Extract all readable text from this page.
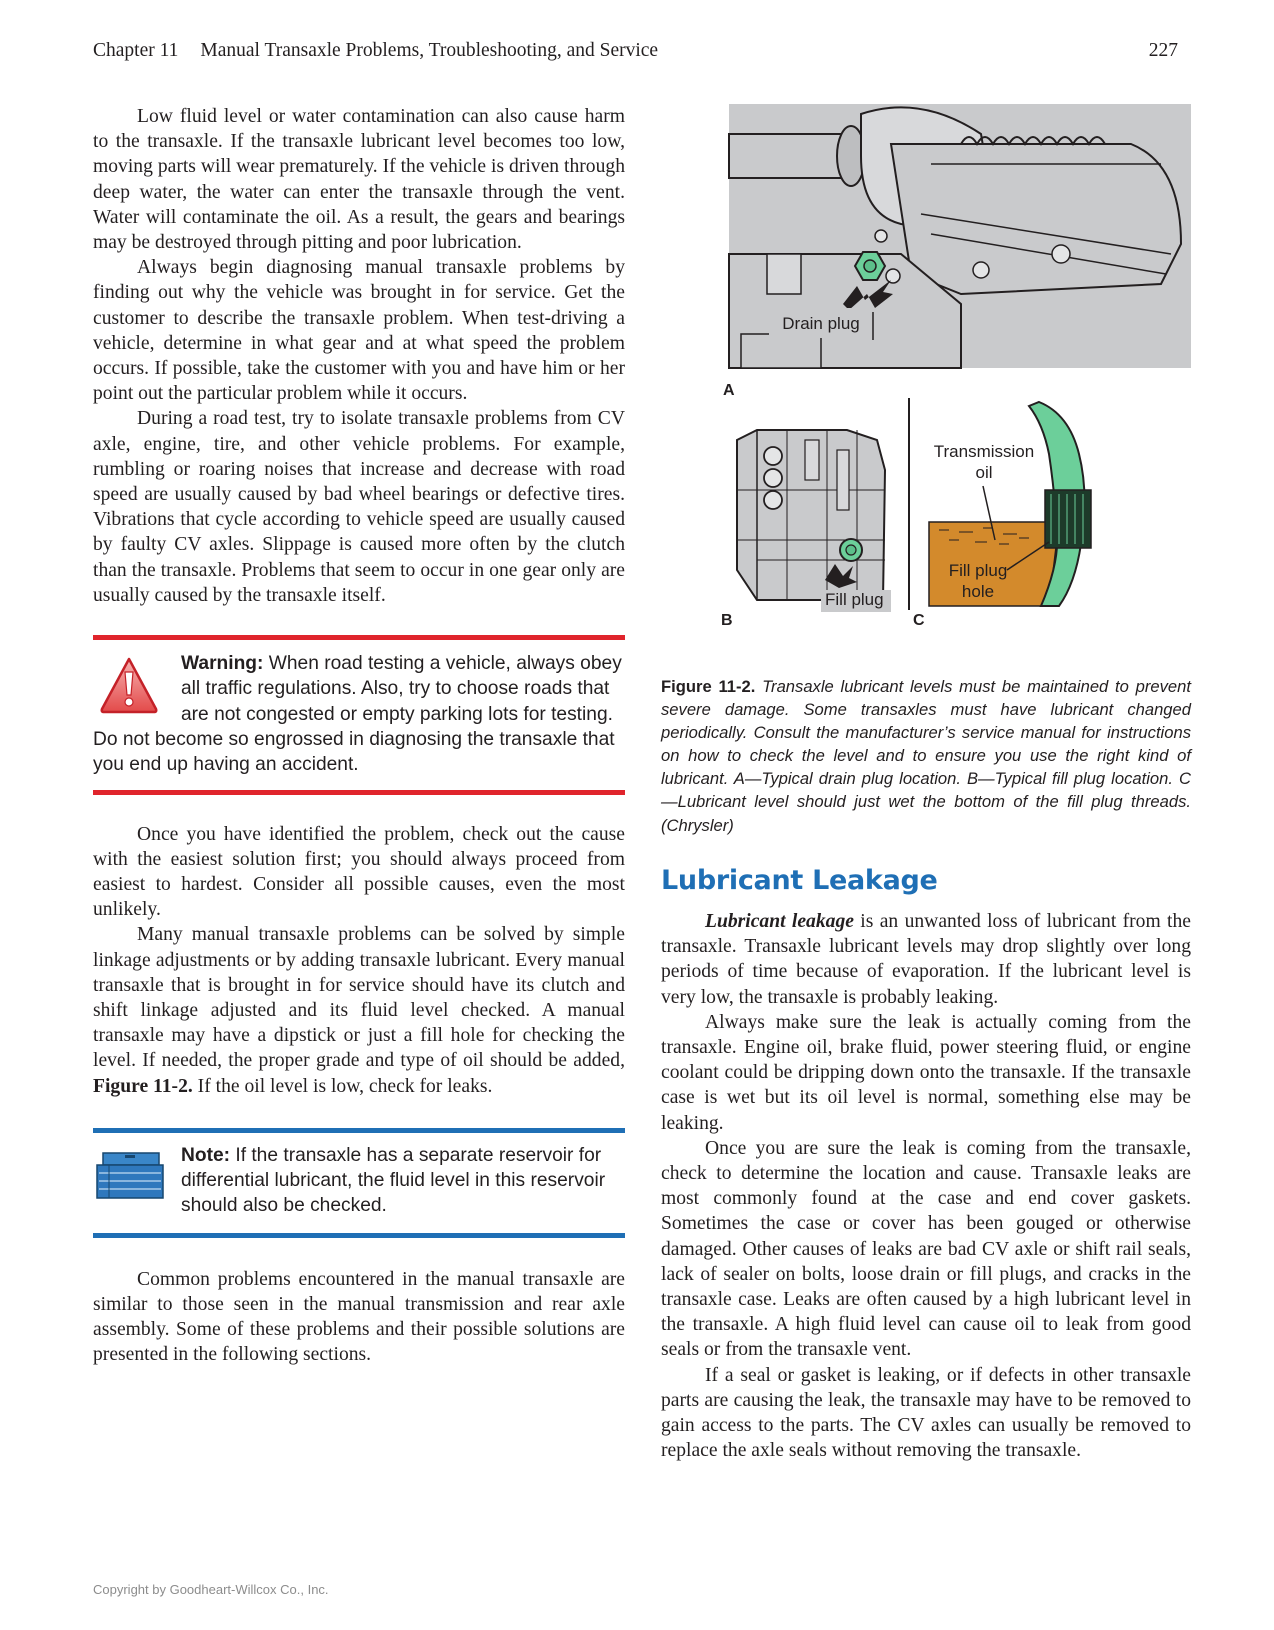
Chapter 11 Manual Transaxle Problems, Troubleshooting, and Service	227

Low fluid level or water contamination can also cause harm to the transaxle. If the transaxle lubricant level becomes too low, moving parts will wear prematurely. If the vehicle is driven through deep water, the water can enter the transaxle through the vent. Water will contaminate the oil. As a result, the gears and bearings may be destroyed through pitting and poor lubrication.

Always begin diagnosing manual transaxle problems by finding out why the vehicle was brought in for service. Get the customer to describe the transaxle problem. When test-driving a vehicle, determine in what gear and at what speed the problem occurs. If possible, take the customer with you and have him or her point out the particular problem while it occurs.

During a road test, try to isolate transaxle problems from CV axle, engine, tire, and other vehicle problems. For example, rumbling or roaring noises that increase and decrease with road speed are usually caused by bad wheel bearings or defective tires. Vibrations that cycle according to vehicle speed are usually caused by faulty CV axles. Slippage is caused more often by the clutch than the transaxle. Problems that seem to occur in one gear only are usually caused by the transaxle itself.

Warning: When road testing a vehicle, always obey all traffic regulations. Also, try to choose roads that are not congested or empty parking lots for testing. Do not become so engrossed in diagnosing the transaxle that you end up having an accident.

Once you have identified the problem, check out the cause with the easiest solution first; you should always proceed from easiest to hardest. Consider all possible causes, even the most unlikely.

Many manual transaxle problems can be solved by simple linkage adjustments or by adding transaxle lubricant. Every manual transaxle that is brought in for service should have its clutch and shift linkage adjusted and its fluid level checked. A manual transaxle may have a dipstick or just a fill hole for checking the level. If needed, the proper grade and type of oil should be added, Figure 11-2. If the oil level is low, check for leaks.

Note: If the transaxle has a separate reservoir for differential lubricant, the fluid level in this reservoir should also be checked.

Common problems encountered in the manual transaxle are similar to those seen in the manual transmission and rear axle assembly. Some of these problems and their possible solutions are presented in the following sections.

Drain plug
A
Fill plug
B
Transmission
oil
Fill plug
hole
C
Figure 11-2. Transaxle lubricant levels must be maintained to prevent severe damage. Some transaxles must have lubricant changed periodically. Consult the manufacturer’s service manual for instructions on how to check the level and to ensure you use the right kind of lubricant. A—Typical drain plug location. B—Typical fill plug location. C—Lubricant level should just wet the bottom of the fill plug threads. (Chrysler)
Lubricant Leakage

Lubricant leakage is an unwanted loss of lubricant from the transaxle. Transaxle lubricant levels may drop slightly over long periods of time because of evaporation. If the lubricant level is very low, the transaxle is probably leaking.

Always make sure the leak is actually coming from the transaxle. Engine oil, brake fluid, power steering fluid, or engine coolant could be dripping down onto the transaxle. If the transaxle case is wet but its oil level is normal, something else may be leaking.

Once you are sure the leak is coming from the transaxle, check to determine the location and cause. Transaxle leaks are most commonly found at the case and end cover gaskets. Sometimes the case or cover has been gouged or otherwise damaged. Other causes of leaks are bad CV axle or shift rail seals, lack of sealer on bolts, loose drain or fill plugs, and cracks in the transaxle case. Leaks are often caused by a high lubricant level in the transaxle. A high fluid level can cause oil to leak from good seals or from the transaxle vent.

If a seal or gasket is leaking, or if defects in other transaxle parts are causing the leak, the transaxle may have to be removed to gain access to the parts. The CV axles can usually be removed to replace the axle seals without removing the transaxle.

Copyright by Goodheart-Willcox Co., Inc.
